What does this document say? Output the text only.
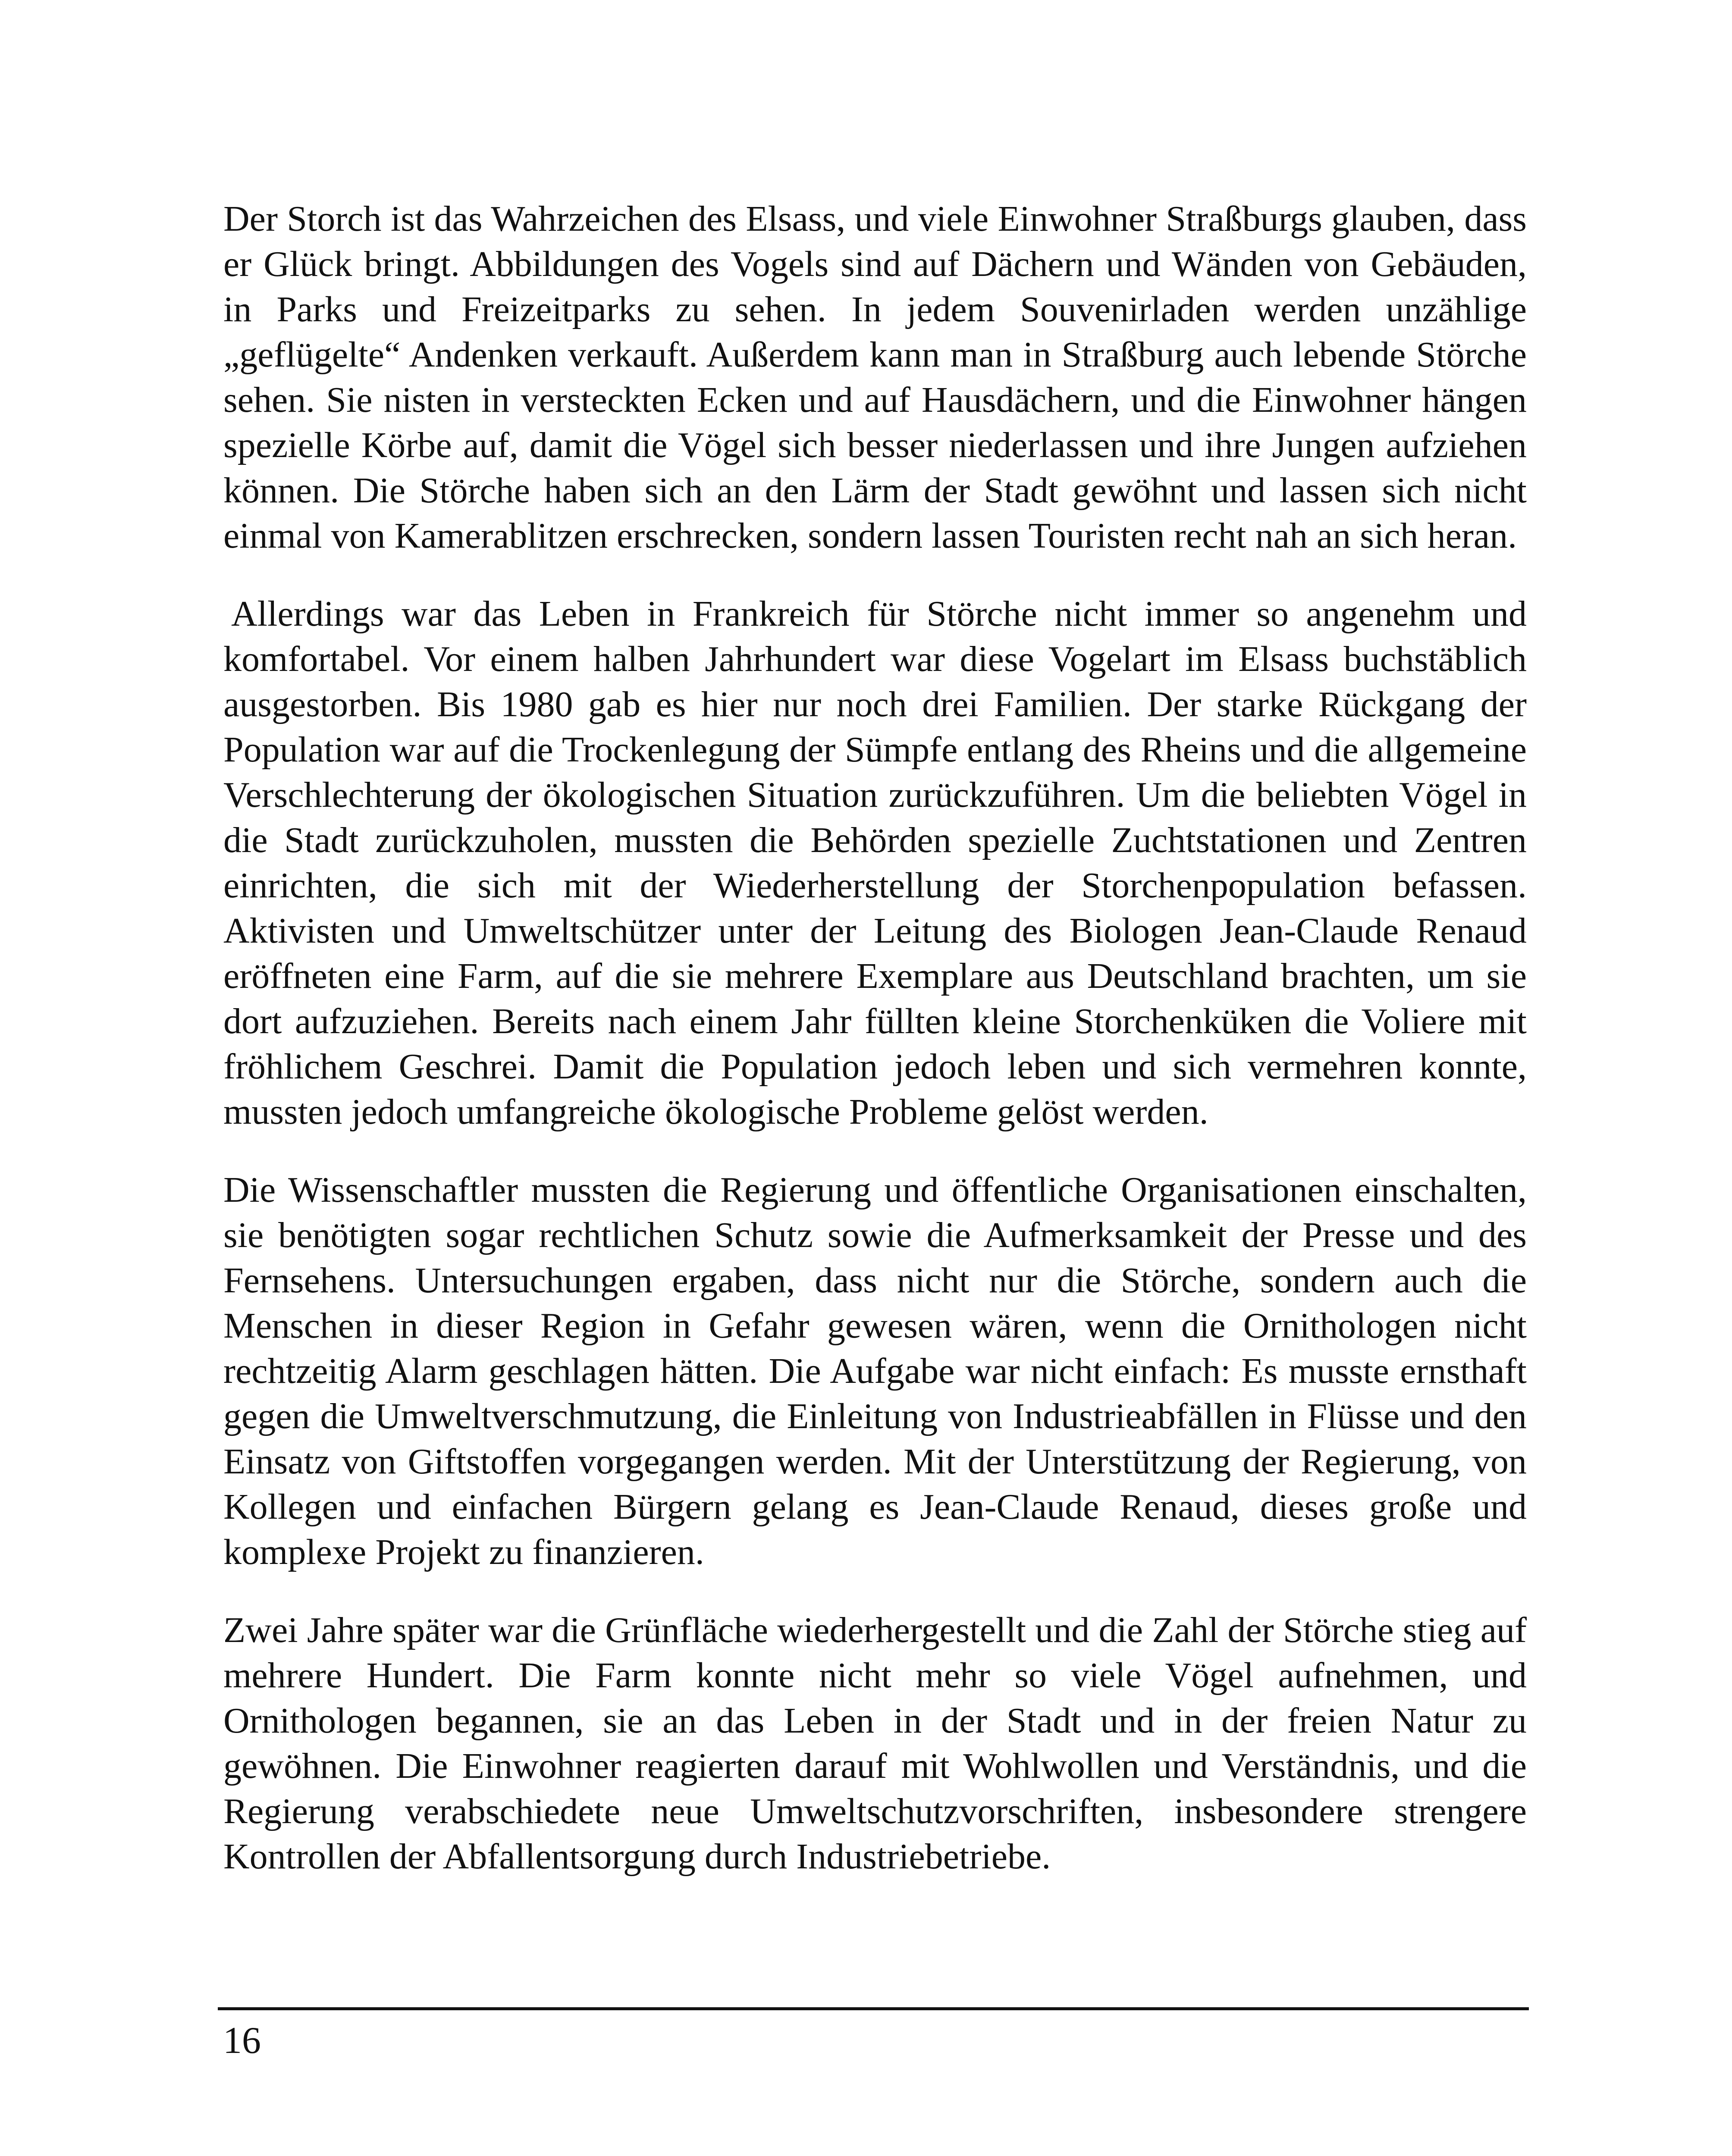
Der Storch ist das Wahrzeichen des Elsass, und viele Einwohner Straßburgs glauben, dass er Glück bringt. Abbildungen des Vogels sind auf Dächern und Wänden von Gebäuden, in Parks und Freizeitparks zu sehen. In jedem Souvenirladen werden unzählige „geflügelte“ Andenken verkauft. Außerdem kann man in Straßburg auch lebende Störche sehen. Sie nisten in versteckten Ecken und auf Hausdächern, und die Einwohner hängen spezielle Körbe auf, damit die Vögel sich besser niederlassen und ihre Jungen aufziehen können. Die Störche haben sich an den Lärm der Stadt gewöhnt und lassen sich nicht einmal von Kamerablitzen erschrecken, sondern lassen Touristen recht nah an sich heran.

Allerdings war das Leben in Frankreich für Störche nicht immer so angenehm und komfortabel. Vor einem halben Jahrhundert war diese Vogelart im Elsass buchstäblich ausgestorben. Bis 1980 gab es hier nur noch drei Familien. Der starke Rückgang der Population war auf die Trockenlegung der Sümpfe entlang des Rheins und die allgemeine Verschlechterung der ökologischen Situation zurückzuführen. Um die beliebten Vögel in die Stadt zurückzuholen, mussten die Behörden spezielle Zuchtstationen und Zentren einrichten, die sich mit der Wiederherstellung der Storchenpopulation befassen. Aktivisten und Umweltschützer unter der Leitung des Biologen Jean-Claude Renaud eröffneten eine Farm, auf die sie mehrere Exemplare aus Deutschland brachten, um sie dort aufzuziehen. Bereits nach einem Jahr füllten kleine Storchenküken die Voliere mit fröhlichem Geschrei. Damit die Population jedoch leben und sich vermehren konnte, mussten jedoch umfangreiche ökologische Probleme gelöst werden.

Die Wissenschaftler mussten die Regierung und öffentliche Organisationen einschalten, sie benötigten sogar rechtlichen Schutz sowie die Aufmerksamkeit der Presse und des Fernsehens. Untersuchungen ergaben, dass nicht nur die Störche, sondern auch die Menschen in dieser Region in Gefahr gewesen wären, wenn die Ornithologen nicht rechtzeitig Alarm geschlagen hätten. Die Aufgabe war nicht einfach: Es musste ernsthaft gegen die Umweltverschmutzung, die Einleitung von Industrieabfällen in Flüsse und den Einsatz von Giftstoffen vorgegangen werden. Mit der Unterstützung der Regierung, von Kollegen und einfachen Bürgern gelang es Jean-Claude Renaud, dieses große und komplexe Projekt zu finanzieren.

Zwei Jahre später war die Grünfläche wiederhergestellt und die Zahl der Störche stieg auf mehrere Hundert. Die Farm konnte nicht mehr so viele Vögel aufnehmen, und Ornithologen begannen, sie an das Leben in der Stadt und in der freien Natur zu gewöhnen. Die Einwohner reagierten darauf mit Wohlwollen und Verständnis, und die Regierung verabschiedete neue Umweltschutzvorschriften, insbesondere strengere Kontrollen der Abfallentsorgung durch Industriebetriebe.

16
